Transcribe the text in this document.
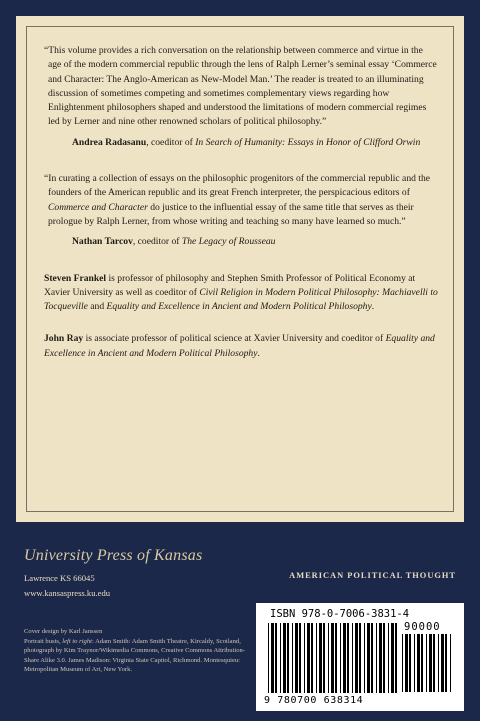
“This volume provides a rich conversation on the relationship between commerce and virtue in the age of the modern commercial republic through the lens of Ralph Lerner’s seminal essay ‘Commerce and Character: The Anglo-American as New-Model Man.’ The reader is treated to an illuminating discussion of sometimes competing and sometimes complementary views regarding how Enlightenment philosophers shaped and understood the limitations of modern commercial regimes led by Lerner and nine other renowned scholars of political philosophy.”

Andrea Radasanu, coeditor of In Search of Humanity: Essays in Honor of Clifford Orwin

“In curating a collection of essays on the philosophic progenitors of the commercial republic and the founders of the American republic and its great French interpreter, the perspicacious editors of Commerce and Character do justice to the influential essay of the same title that serves as their prologue by Ralph Lerner, from whose writing and teaching so many have learned so much.”

Nathan Tarcov, coeditor of The Legacy of Rousseau

Steven Frankel is professor of philosophy and Stephen Smith Professor of Political Economy at Xavier University as well as coeditor of Civil Religion in Modern Political Philosophy: Machiavelli to Tocqueville and Equality and Excellence in Ancient and Modern Political Philosophy.

John Ray is associate professor of political science at Xavier University and coeditor of Equality and Excellence in Ancient and Modern Political Philosophy.

University Press of Kansas
Lawrence KS 66045
www.kansaspress.ku.edu
AMERICAN POLITICAL THOUGHT
Cover design by Karl Janssen
Portrait busts, left to right: Adam Smith: Adam Smith Theatre, Kircaldy, Scotland, photograph by Kim Traynor/Wikimedia Commons, Creative Commons Attribution-Share Alike 3.0. James Madison: Virginia State Capitol, Richmond. Montesquieu: Metropolitan Museum of Art, New York.
ISBN 978-0-7006-3831-4
90000
9 780700 638314
